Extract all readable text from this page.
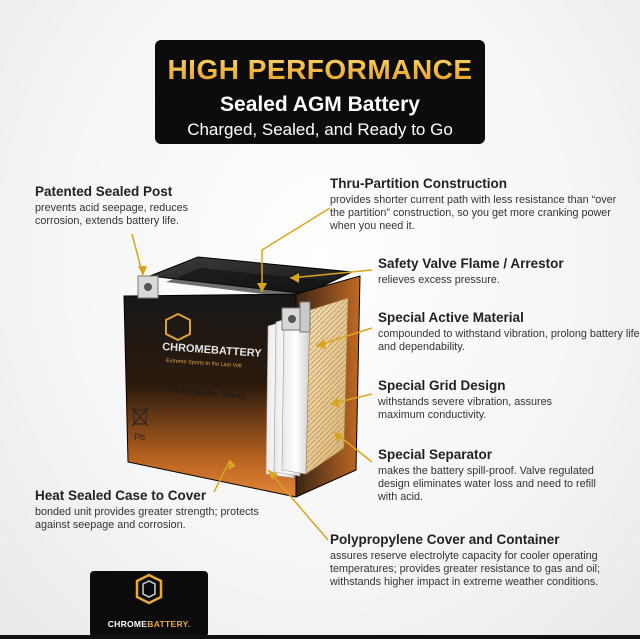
CHROMEBATTERY
Extreme Sports to the Last Volt
Rechargeable Battery
Pb
HIGH PERFORMANCE
Sealed AGM Battery
Charged, Sealed, and Ready to Go
Patented Sealed Post
prevents acid seepage, reduces corrosion, extends battery life.
Thru-Partition Construction
provides shorter current path with less resistance than “over the partition” construction, so you get more cranking power when you need it.
Safety Valve Flame / Arrestor
relieves excess pressure.
Special Active Material
compounded to withstand vibration, prolong battery life and dependability.
Special Grid Design
withstands severe vibration, assures maximum conductivity.
Special Separator
makes the battery spill-proof. Valve regulated design eliminates water loss and need to refill with acid.
Heat Sealed Case to Cover
bonded unit provides greater strength; protects against seepage and corrosion.
Polypropylene Cover and Container
assures reserve electrolyte capacity for cooler operating temperatures; provides greater resistance to gas and oil; withstands higher impact in extreme weather conditions.
CHROMEBATTERY.
